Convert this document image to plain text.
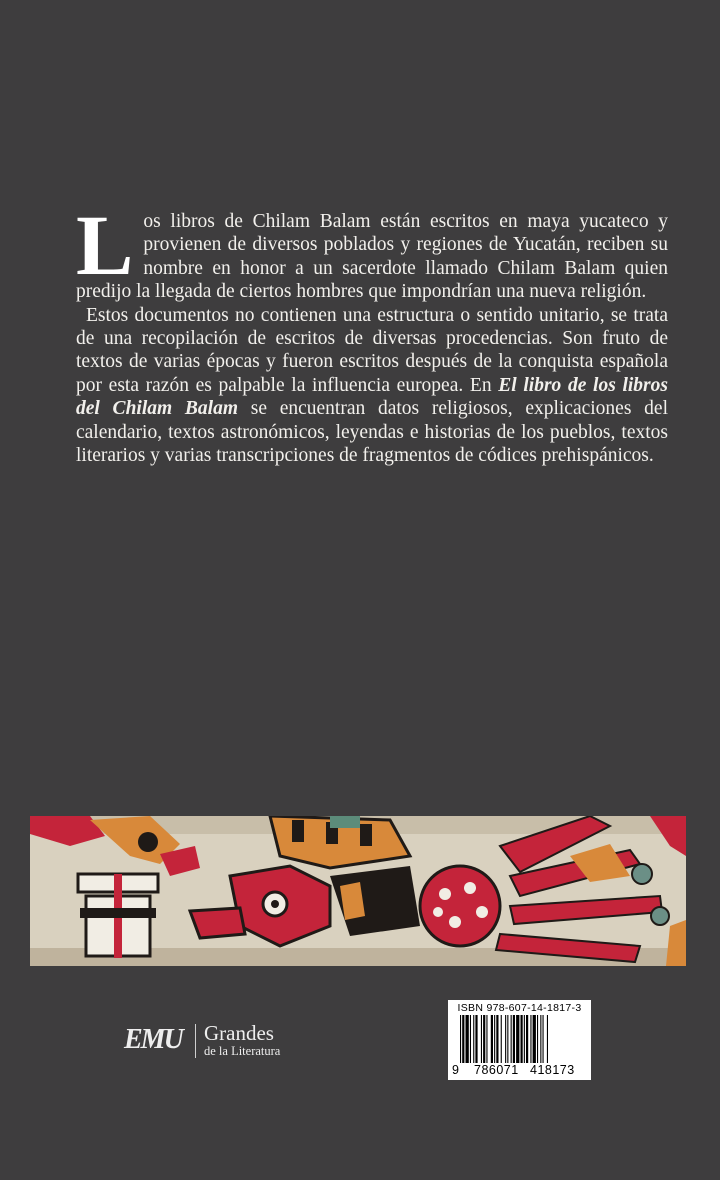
Los libros de Chilam Balam están escritos en maya yucateco y provienen de diversos poblados y regiones de Yucatán, reciben su nombre en honor a un sacerdote llamado Chilam Balam quien predijo la llegada de ciertos hombres que impondrían una nueva religión.

Estos documentos no contienen una estructura o sentido unitario, se trata de una recopilación de escritos de diversas procedencias. Son fruto de textos de varias épocas y fueron escritos después de la conquista española por esta razón es palpable la influencia europea. En El libro de los libros del Chilam Balam se encuentran datos religiosos, explicaciones del calendario, textos astronómicos, leyendas e historias de los pueblos, textos literarios y varias transcripciones de fragmentos de códices prehispánicos.

EMU Grandes
de la Literatura
ISBN 978-607-14-1817-3
9 786071 418173
